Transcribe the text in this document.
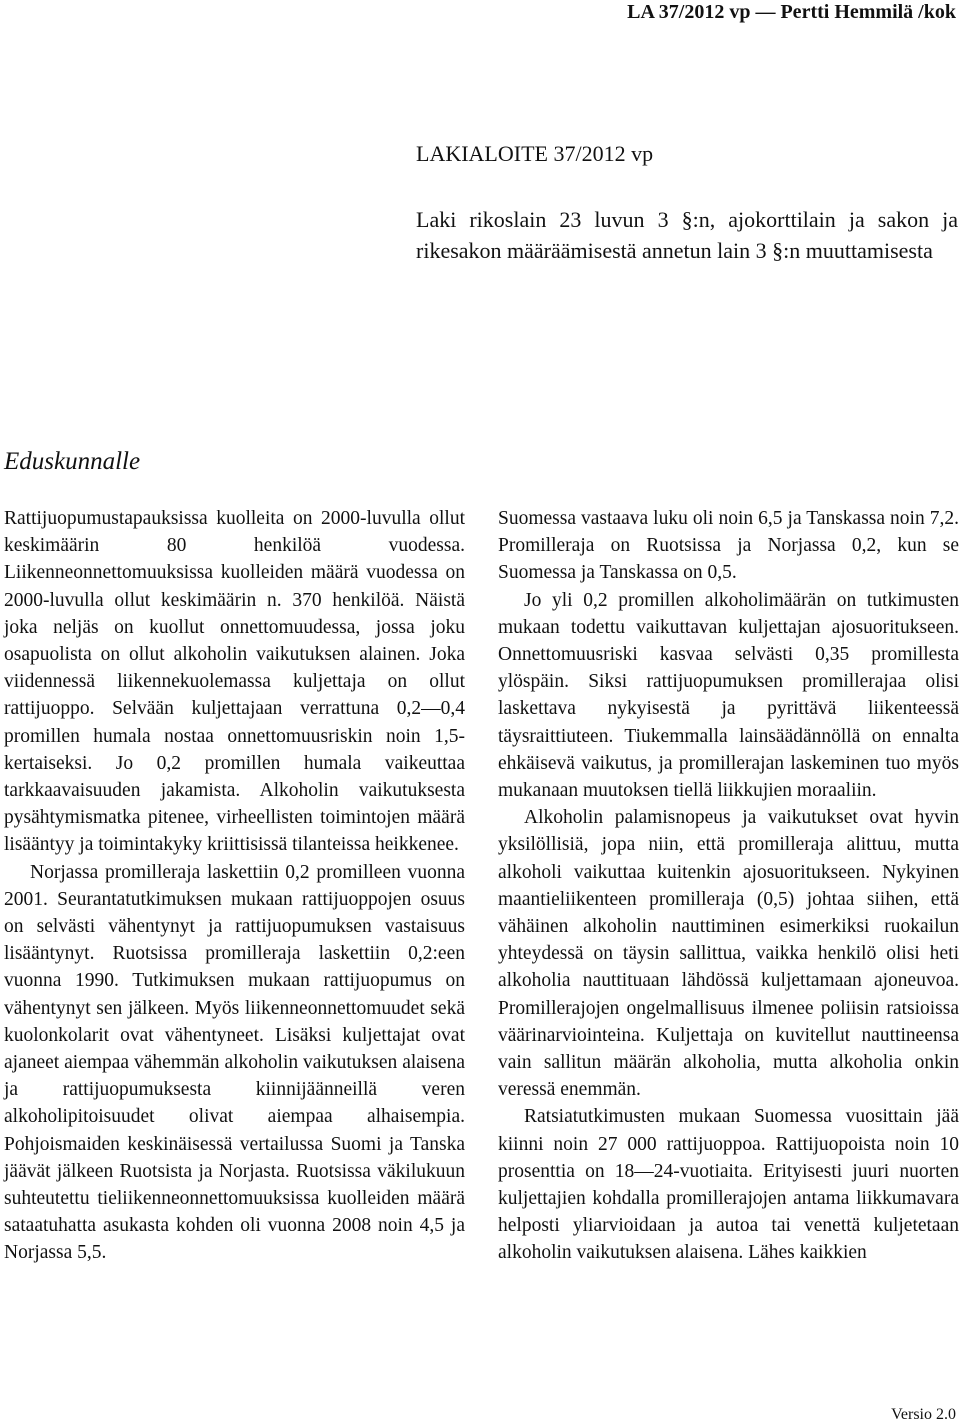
LA 37/2012 vp — Pertti Hemmilä /kok
LAKIALOITE 37/2012 vp
Laki rikoslain 23 luvun 3 §:n, ajokorttilain ja sakon ja rikesakon määräämisestä annetun lain 3 §:n muuttamisesta
Eduskunnalle

Rattijuopumustapauksissa kuolleita on 2000-luvulla ollut keskimäärin 80 henkilöä vuodessa. Liikenneonnettomuuksissa kuolleiden määrä vuodessa on 2000-luvulla ollut keskimäärin n. 370 henkilöä. Näistä joka neljäs on kuollut onnettomuudessa, jossa joku osapuolista on ollut alkoholin vaikutuksen alainen. Joka viidennessä liikennekuolemassa kuljettaja on ollut rattijuoppo. Selvään kuljettajaan verrattuna 0,2—0,4 promillen humala nostaa onnettomuusriskin noin 1,5-kertaiseksi. Jo 0,2 promillen humala vaikeuttaa tarkkaavaisuuden jakamista. Alkoholin vaikutuksesta pysähtymismatka pitenee, virheellisten toimintojen määrä lisääntyy ja toimintakyky kriittisissä tilanteissa heikkenee.

Norjassa promilleraja laskettiin 0,2 promilleen vuonna 2001. Seurantatutkimuksen mukaan rattijuoppojen osuus on selvästi vähentynyt ja rattijuopumuksen vastaisuus lisääntynyt. Ruotsissa promilleraja laskettiin 0,2:een vuonna 1990. Tutkimuksen mukaan rattijuopumus on vähentynyt sen jälkeen. Myös liikenneonnettomuudet sekä kuolonkolarit ovat vähentyneet. Lisäksi kuljettajat ovat ajaneet aiempaa vähemmän alkoholin vaikutuksen alaisena ja rattijuopumuksesta kiinnijäänneillä veren alkoholipitoisuudet olivat aiempaa alhaisempia. Pohjoismaiden keskinäisessä vertailussa Suomi ja Tanska jäävät jälkeen Ruotsista ja Norjasta. Ruotsissa väkilukuun suhteutettu tieliikenneonnettomuuksissa kuolleiden määrä sataatuhatta asukasta kohden oli vuonna 2008 noin 4,5 ja Norjassa 5,5.

Suomessa vastaava luku oli noin 6,5 ja Tanskassa noin 7,2. Promilleraja on Ruotsissa ja Norjassa 0,2, kun se Suomessa ja Tanskassa on 0,5.

Jo yli 0,2 promillen alkoholimäärän on tutkimusten mukaan todettu vaikuttavan kuljettajan ajosuoritukseen. Onnettomuusriski kasvaa selvästi 0,35 promillesta ylöspäin. Siksi rattijuopumuksen promillerajaa olisi laskettava nykyisestä ja pyrittävä liikenteessä täysraittiuteen. Tiukemmalla lainsäädännöllä on ennalta ehkäisevä vaikutus, ja promillerajan laskeminen tuo myös mukanaan muutoksen tiellä liikkujien moraaliin.

Alkoholin palamisnopeus ja vaikutukset ovat hyvin yksilöllisiä, jopa niin, että promilleraja alittuu, mutta alkoholi vaikuttaa kuitenkin ajosuoritukseen. Nykyinen maantieliikenteen promilleraja (0,5) johtaa siihen, että vähäinen alkoholin nauttiminen esimerkiksi ruokailun yhteydessä on täysin sallittua, vaikka henkilö olisi heti alkoholia nauttituaan lähdössä kuljettamaan ajoneuvoa. Promillerajojen ongelmallisuus ilmenee poliisin ratsioissa väärinarviointeina. Kuljettaja on kuvitellut nauttineensa vain sallitun määrän alkoholia, mutta alkoholia onkin veressä enemmän.

Ratsiatutkimusten mukaan Suomessa vuosittain jää kiinni noin 27 000 rattijuoppoa. Rattijuopoista noin 10 prosenttia on 18—24-vuotiaita. Erityisesti juuri nuorten kuljettajien kohdalla promillerajojen antama liikkumavara helposti yliarvioidaan ja autoa tai venettä kuljetetaan alkoholin vaikutuksen alaisena. Lähes kaikkien

Versio 2.0
